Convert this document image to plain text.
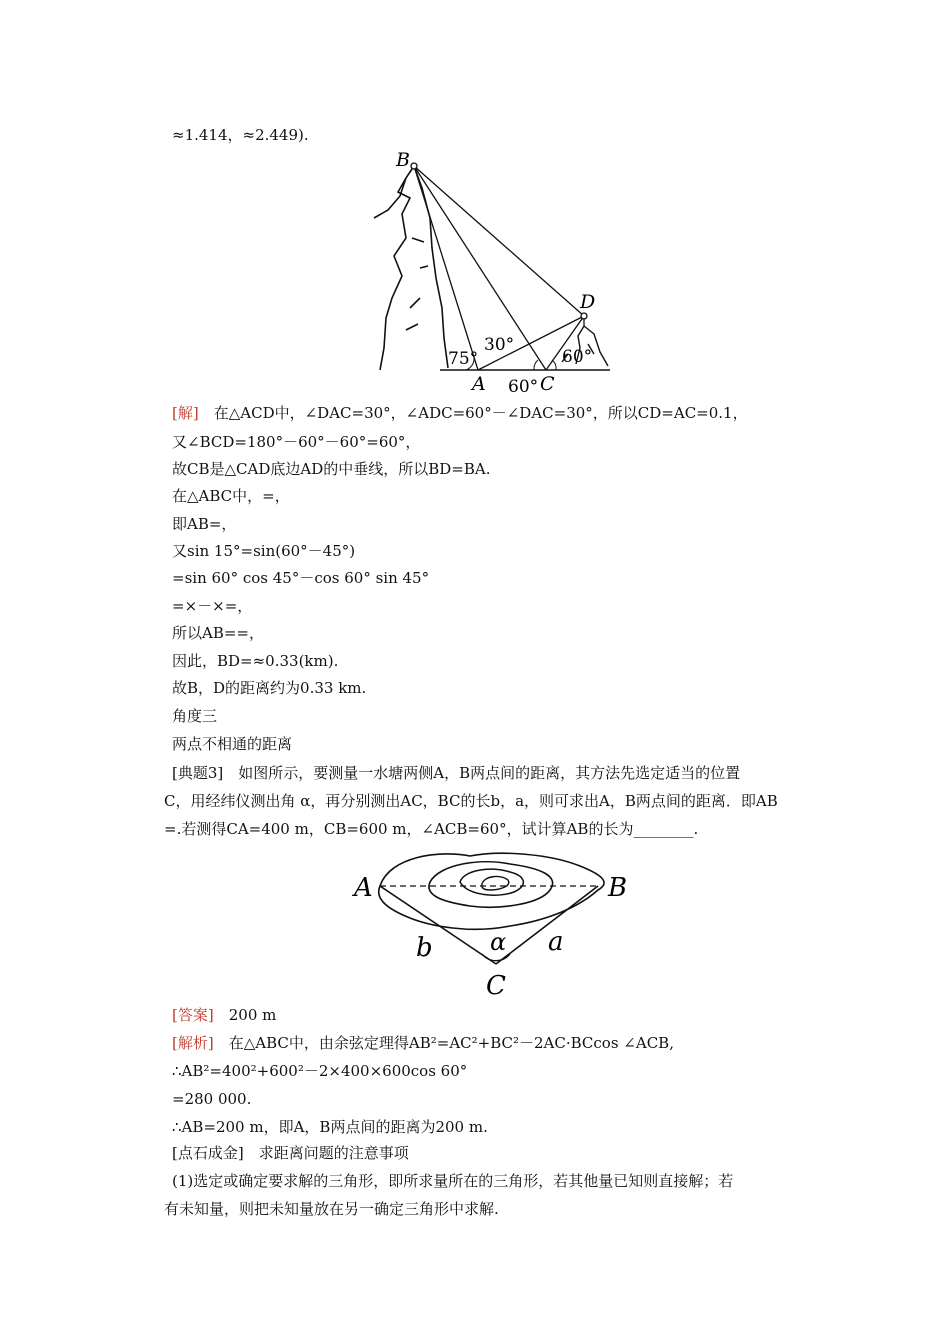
≈1.414，≈2.449).
B
D
A	C
75°
30°
60°
60°
[解]　 在△ACD中，∠DAC=30°，∠ADC=60°－∠DAC=30°，所以CD=AC=0.1，
又∠BCD=180°－60°－60°=60°，
故CB是△CAD底边AD的中垂线，所以BD=BA.
在△ABC中，=，
即AB=，
又sin 15°=sin(60°－45°)
=sin 60° cos 45°－cos 60° sin 45°
=×－×=，
所以AB==，
因此，BD=≈0.33(km).
故B，D的距离约为0.33 km.
角度三
两点不相通的距离
[典题3]　如图所示，要测量一水塘两侧A，B两点间的距离，其方法先选定适当的位置
C，用经纬仪测出角 α，再分别测出AC，BC的长b，a，则可求出A，B两点间的距离．即AB
=.若测得CA=400 m，CB=600 m，∠ACB=60°，试计算AB的长为________.
A	B
C
b	a
α
[答案]　 200 m
[解析]　 在△ABC中，由余弦定理得AB²=AC²+BC²－2AC·BCcos ∠ACB,
∴AB²=400²+600²－2×400×600cos 60°
=280 000.
∴AB=200 m，即A，B两点间的距离为200 m.
[点石成金]　求距离问题的注意事项
(1)选定或确定要求解的三角形，即所求量所在的三角形，若其他量已知则直接解；若
有未知量，则把未知量放在另一确定三角形中求解.
